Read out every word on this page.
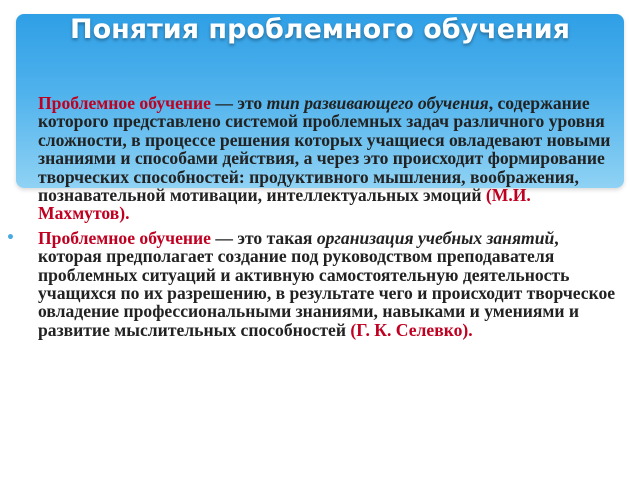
Понятия проблемного обучения

Проблемное обучение — это тип развивающего обучения, содержание которого представлено системой проблемных задач различного уровня сложности, в процессе решения которых учащиеся овладевают новыми знаниями и способами действия, а через это происходит формирование творческих способностей: продуктивного мышления, воображения, познавательной мотивации, интеллектуальных эмоций (М.И. Махмутов).

• Проблемное обучение — это такая организация учебных занятий, которая предполагает создание под руководством преподавателя проблемных ситуаций и активную самостоятельную деятельность учащихся по их разрешению, в результате чего и происходит творческое овладение профессиональными знаниями, навыками и умениями и развитие мыслительных способностей (Г. К. Селевко).
